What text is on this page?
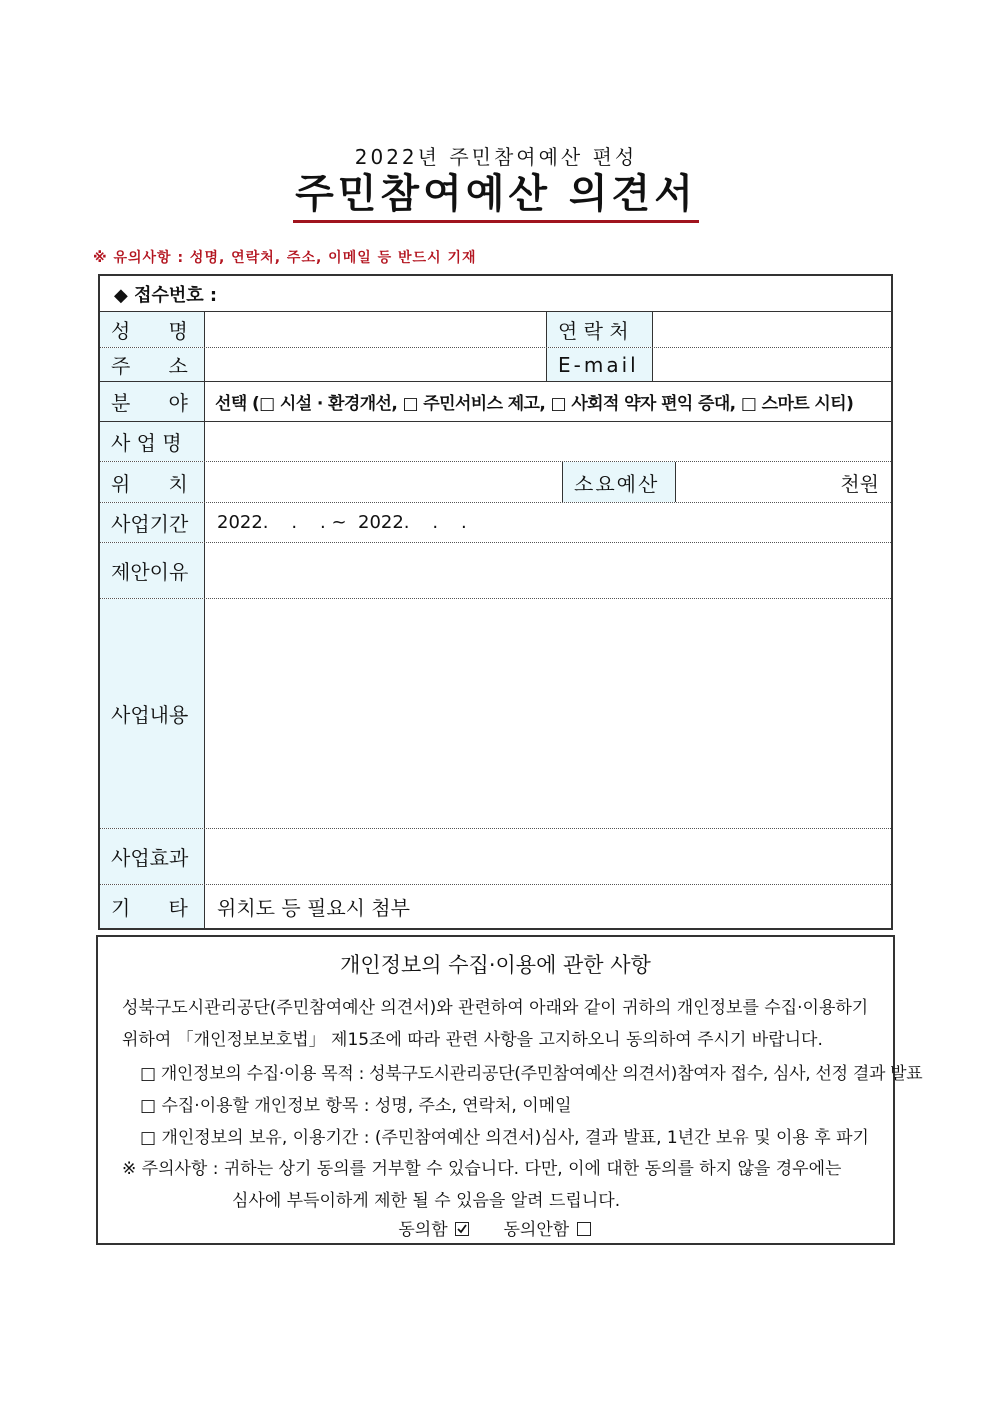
2022년 주민참여예산 편성
주민참여예산 의견서
※ 유의사항 : 성명, 연락처, 주소, 이메일 등 반드시 기재
◆ 접수번호 :
성      명	연 락 처
주      소	E-mail
분      야	선택 (□ 시설 · 환경개선, □ 주민서비스 제고, □ 사회적 약자 편익 증대, □ 스마트 시티)
사 업 명
위      치	소요예산	천원
사업기간	2022.    .    . ~  2022.    .    .
제안이유
사업내용
사업효과
기      타	위치도 등 필요시 첨부
개인정보의 수집·이용에 관한 사항
성북구도시관리공단(주민참여예산 의견서)와 관련하여 아래와 같이 귀하의 개인정보를 수집·이용하기
위하여 「개인정보보호법」 제15조에 따라 관련 사항을 고지하오니 동의하여 주시기 바랍니다.
□ 개인정보의 수집·이용 목적 : 성북구도시관리공단(주민참여예산 의견서)참여자 접수, 심사, 선정 결과 발표
□ 수집·이용할 개인정보 항목 : 성명, 주소, 연락처, 이메일
□ 개인정보의 보유, 이용기간 : (주민참여예산 의견서)심사, 결과 발표, 1년간 보유 및 이용 후 파기
※ 주의사항 : 귀하는 상기 동의를 거부할 수 있습니다. 다만, 이에 대한 동의를 하지 않을 경우에는
심사에 부득이하게 제한 될 수 있음을 알려 드립니다.
동의함	동의안함
